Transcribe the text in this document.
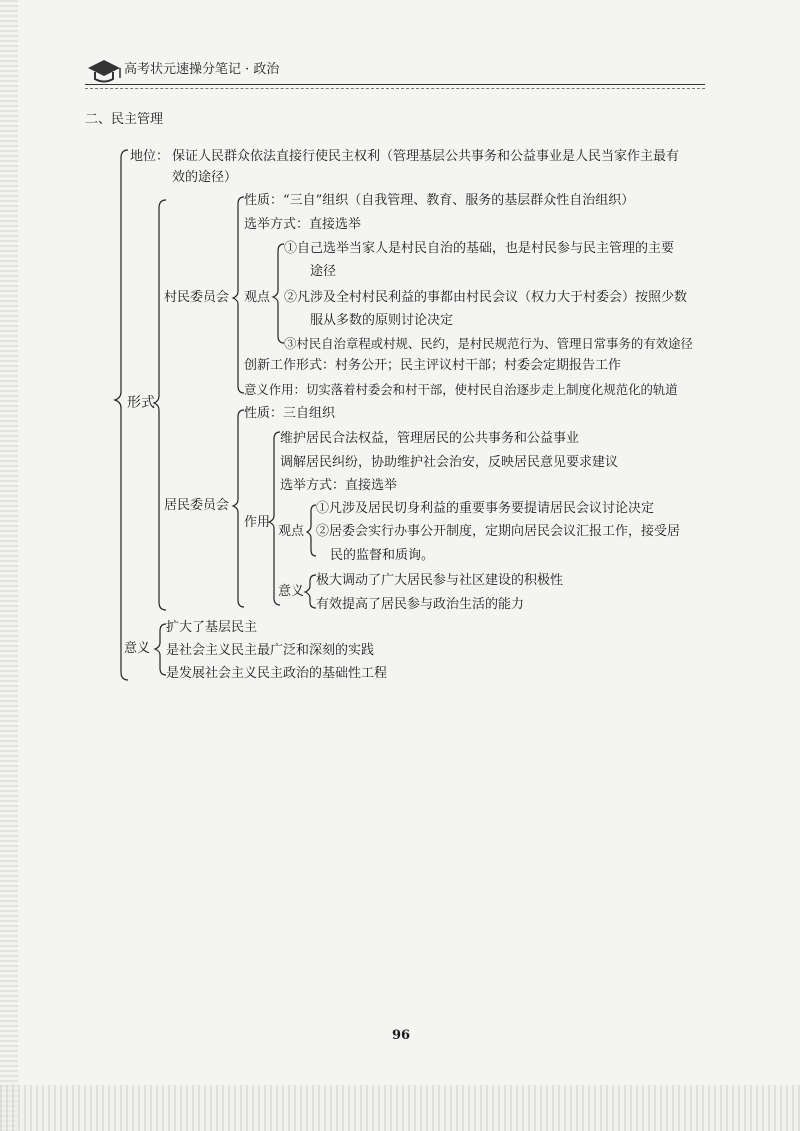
高考状元速操分笔记 · 政治
二、民主管理
地位： 保证人民群众依法直接行使民主权利（管理基层公共事务和公益事业是人民当家作主最有
效的途径）
形式
村民委员会
性质：“三自”组织（自我管理、教育、服务的基层群众性自治组织）
选举方式：直接选举
观点
①自己选举当家人是村民自治的基础，也是村民参与民主管理的主要
途径
②凡涉及全村村民利益的事都由村民会议（权力大于村委会）按照少数
服从多数的原则讨论决定
③村民自治章程或村规、民约，是村民规范行为、管理日常事务的有效途径
创新工作形式：村务公开；民主评议村干部；村委会定期报告工作
意义作用：切实落着村委会和村干部，使村民自治逐步走上制度化规范化的轨道
居民委员会
性质：三自组织
作用
维护居民合法权益，管理居民的公共事务和公益事业
调解居民纠纷，协助维护社会治安，反映居民意见要求建议
选举方式：直接选举
观点
①凡涉及居民切身利益的重要事务要提请居民会议讨论决定
②居委会实行办事公开制度，定期向居民会议汇报工作，接受居
民的监督和质询。
意义
极大调动了广大居民参与社区建设的积极性
有效提高了居民参与政治生活的能力
意义
扩大了基层民主
是社会主义民主最广泛和深刻的实践
是发展社会主义民主政治的基础性工程
96
